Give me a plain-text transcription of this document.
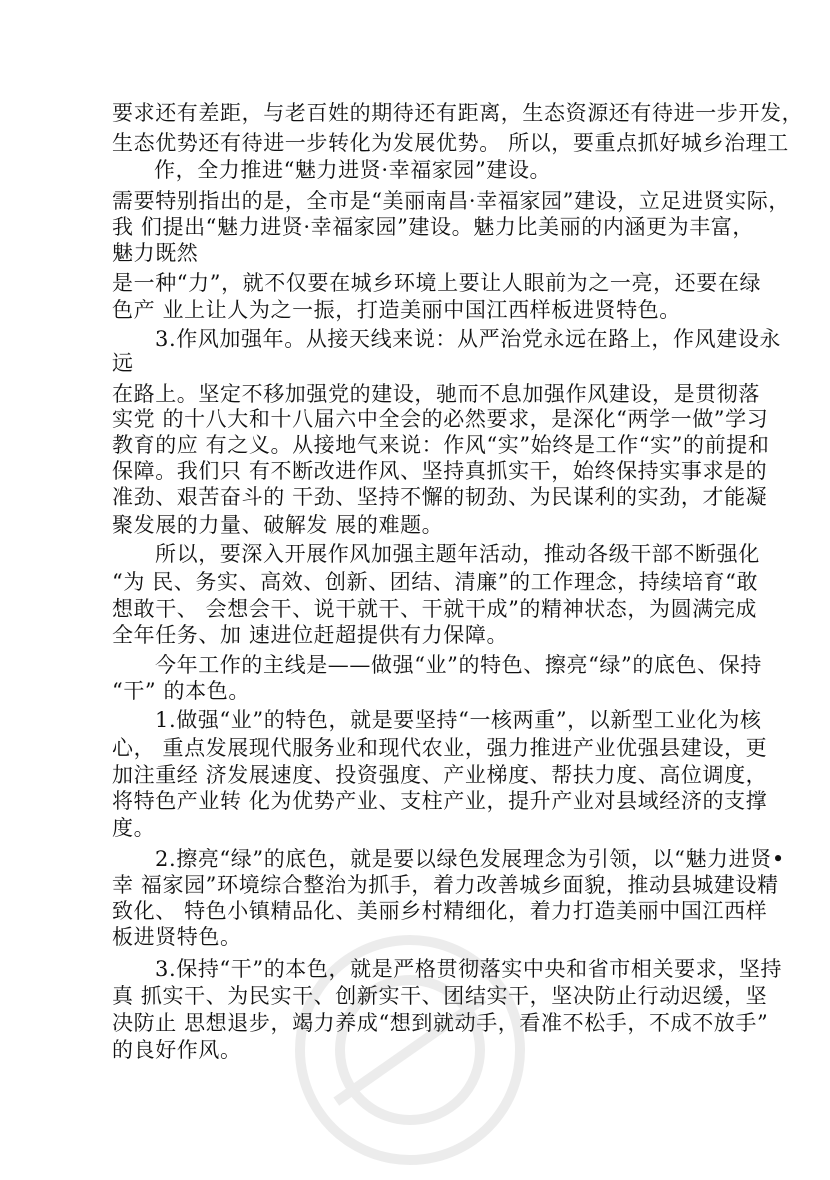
要求还有差距，与老百姓的期待还有距离，生态资源还有待进一步开发，
生态优势还有待进一步转化为发展优势。 所以，要重点抓好城乡治理工
作，全力推进“魅力进贤·幸福家园”建设。
需要特别指出的是，全市是“美丽南昌·幸福家园”建设，立足进贤实际，
我 们提出“魅力进贤·幸福家园”建设。魅力比美丽的内涵更为丰富，
魅力既然
是一种“力”，就不仅要在城乡环境上要让人眼前为之一亮，还要在绿
色产 业上让人为之一振，打造美丽中国江西样板进贤特色。
3.作风加强年。从接天线来说：从严治党永远在路上，作风建设永
远
在路上。坚定不移加强党的建设，驰而不息加强作风建设，是贯彻落
实党 的十八大和十八届六中全会的必然要求，是深化“两学一做”学习
教育的应 有之义。从接地气来说：作风“实”始终是工作“实”的前提和
保障。我们只 有不断改进作风、坚持真抓实干，始终保持实事求是的
准劲、艰苦奋斗的 干劲、坚持不懈的韧劲、为民谋利的实劲，才能凝
聚发展的力量、破解发 展的难题。
所以，要深入开展作风加强主题年活动，推动各级干部不断强化
“为 民、务实、高效、创新、团结、清廉”的工作理念，持续培育“敢
想敢干、 会想会干、说干就干、干就干成”的精神状态，为圆满完成
全年任务、加 速进位赶超提供有力保障。
今年工作的主线是——做强“业”的特色、擦亮“绿”的底色、保持
“干” 的本色。
1.做强“业”的特色，就是要坚持“一核两重”，以新型工业化为核
心， 重点发展现代服务业和现代农业，强力推进产业优强县建设，更
加注重经 济发展速度、投资强度、产业梯度、帮扶力度、高位调度，
将特色产业转 化为优势产业、支柱产业，提升产业对县域经济的支撑
度。
2.擦亮“绿”的底色，就是要以绿色发展理念为引领，以“魅力进贤•
幸 福家园”环境综合整治为抓手，着力改善城乡面貌，推动县城建设精
致化、 特色小镇精品化、美丽乡村精细化，着力打造美丽中国江西样
板进贤特色。
3.保持“干”的本色，就是严格贯彻落实中央和省市相关要求，坚持
真 抓实干、为民实干、创新实干、团结实干，坚决防止行动迟缓，坚
决防止 思想退步，竭力养成“想到就动手，看准不松手，不成不放手”
的良好作风。
